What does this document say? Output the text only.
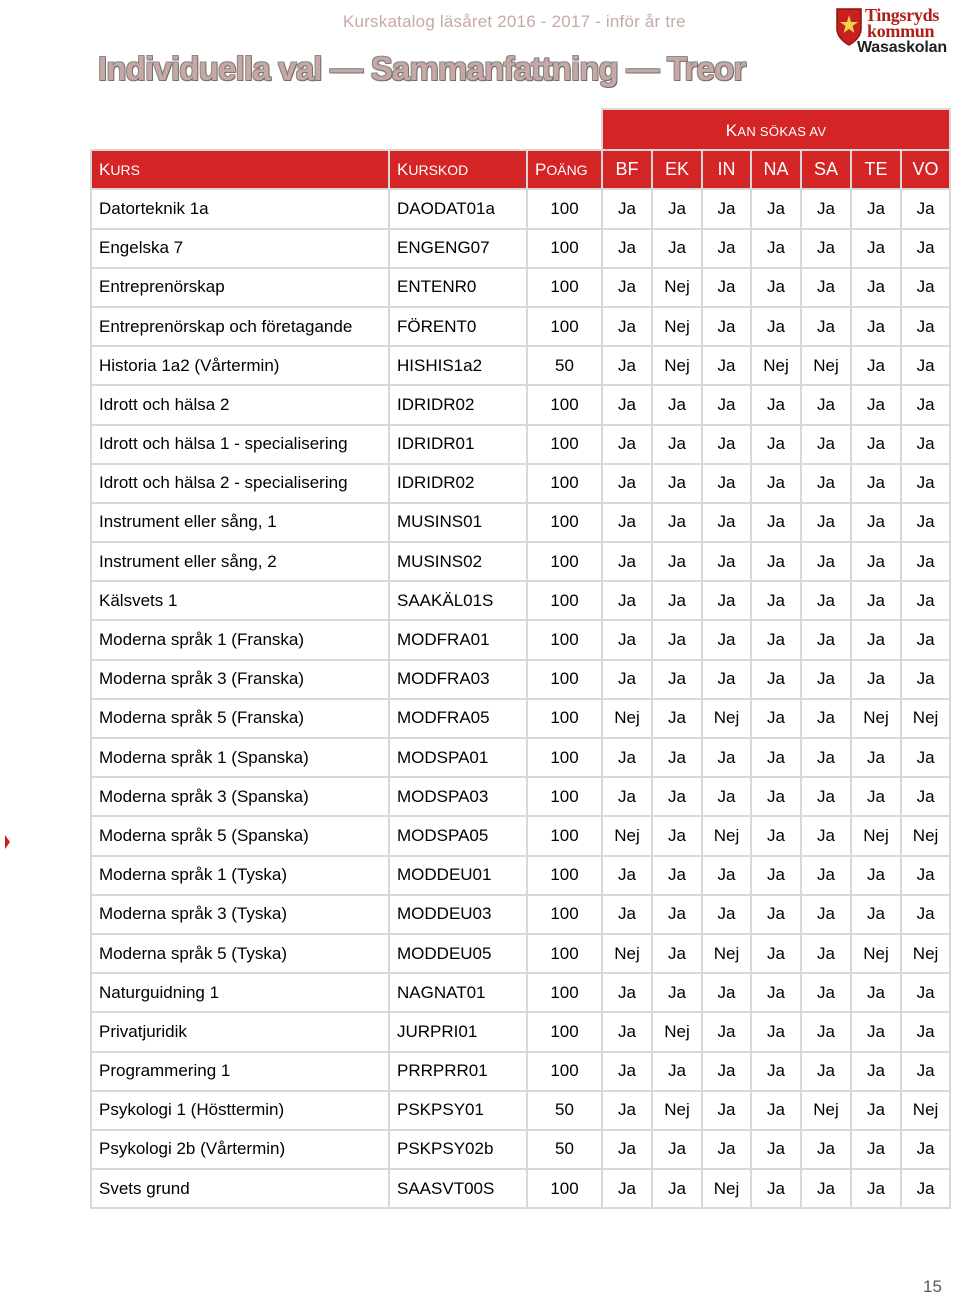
Kurskatalog läsåret 2016 - 2017 - inför år tre	Tingsryds
kommun
Wasaskolan
Individuella val — Sammanfattning — Treor
			KAN SÖKAS AV						
KURS	KURSKOD	POÄNG	BF	EK	IN	NA	SA	TE	VO
Datorteknik 1a	DAODAT01a	100	Ja	Ja	Ja	Ja	Ja	Ja	Ja
Engelska 7	ENGENG07	100	Ja	Ja	Ja	Ja	Ja	Ja	Ja
Entreprenörskap	ENTENR0	100	Ja	Nej	Ja	Ja	Ja	Ja	Ja
Entreprenörskap och företagande	FÖRENT0	100	Ja	Nej	Ja	Ja	Ja	Ja	Ja
Historia 1a2 (Vårtermin)	HISHIS1a2	50	Ja	Nej	Ja	Nej	Nej	Ja	Ja
Idrott och hälsa 2	IDRIDR02	100	Ja	Ja	Ja	Ja	Ja	Ja	Ja
Idrott och hälsa 1 - specialisering	IDRIDR01	100	Ja	Ja	Ja	Ja	Ja	Ja	Ja
Idrott och hälsa 2 - specialisering	IDRIDR02	100	Ja	Ja	Ja	Ja	Ja	Ja	Ja
Instrument eller sång, 1	MUSINS01	100	Ja	Ja	Ja	Ja	Ja	Ja	Ja
Instrument eller sång, 2	MUSINS02	100	Ja	Ja	Ja	Ja	Ja	Ja	Ja
Kälsvets 1	SAAKÄL01S	100	Ja	Ja	Ja	Ja	Ja	Ja	Ja
Moderna språk 1 (Franska)	MODFRA01	100	Ja	Ja	Ja	Ja	Ja	Ja	Ja
Moderna språk 3 (Franska)	MODFRA03	100	Ja	Ja	Ja	Ja	Ja	Ja	Ja
Moderna språk 5 (Franska)	MODFRA05	100	Nej	Ja	Nej	Ja	Ja	Nej	Nej
Moderna språk 1 (Spanska)	MODSPA01	100	Ja	Ja	Ja	Ja	Ja	Ja	Ja
Moderna språk 3 (Spanska)	MODSPA03	100	Ja	Ja	Ja	Ja	Ja	Ja	Ja
Moderna språk 5 (Spanska)	MODSPA05	100	Nej	Ja	Nej	Ja	Ja	Nej	Nej
Moderna språk 1 (Tyska)	MODDEU01	100	Ja	Ja	Ja	Ja	Ja	Ja	Ja
Moderna språk 3 (Tyska)	MODDEU03	100	Ja	Ja	Ja	Ja	Ja	Ja	Ja
Moderna språk 5 (Tyska)	MODDEU05	100	Nej	Ja	Nej	Ja	Ja	Nej	Nej
Naturguidning 1	NAGNAT01	100	Ja	Ja	Ja	Ja	Ja	Ja	Ja
Privatjuridik	JURPRI01	100	Ja	Nej	Ja	Ja	Ja	Ja	Ja
Programmering 1	PRRPRR01	100	Ja	Ja	Ja	Ja	Ja	Ja	Ja
Psykologi 1 (Hösttermin)	PSKPSY01	50	Ja	Nej	Ja	Ja	Nej	Ja	Nej
Psykologi 2b (Vårtermin)	PSKPSY02b	50	Ja	Ja	Ja	Ja	Ja	Ja	Ja
Svets grund	SAASVT00S	100	Ja	Ja	Nej	Ja	Ja	Ja	Ja
15
